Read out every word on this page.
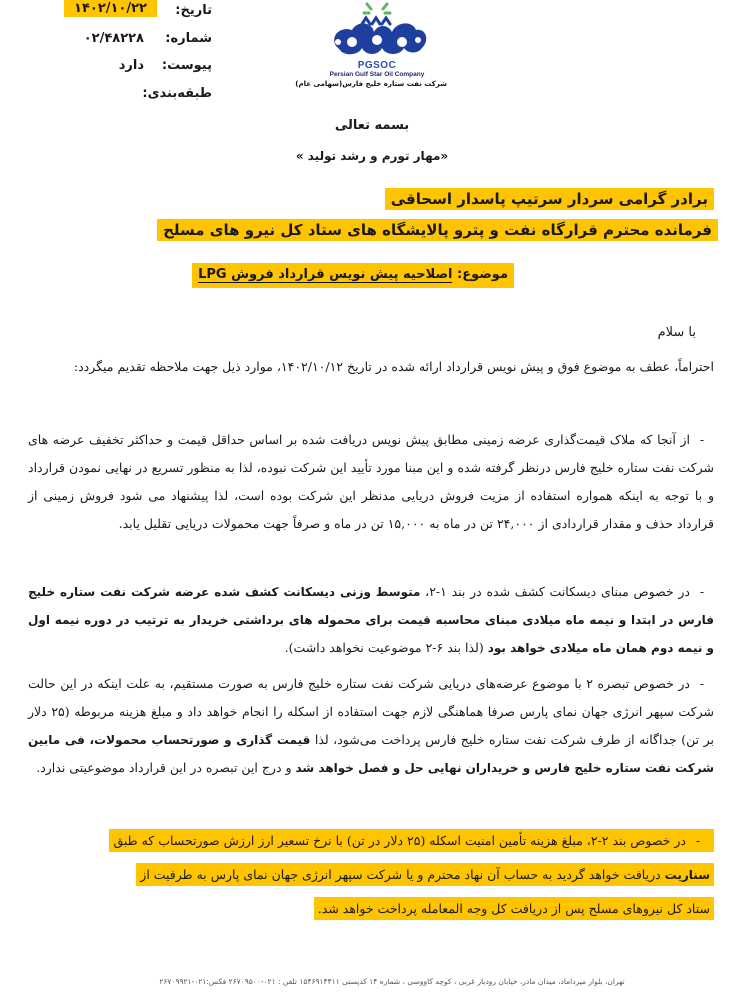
تاریخ:
۱۴۰۲/۱۰/۲۲
شماره:
۰۲/۴۸۲۲۸
پیوست:
دارد
طبقه‌بندی:
PGSOC
Persian Gulf Star Oil Company
شرکت نفت ستاره خلیج فارس(سهامی عام)
بسمه تعالی
«مهار تورم و رشد تولید »
برادر گرامی سردار سرتیپ پاسدار اسحاقی
فرمانده محترم قرارگاه نفت و پترو پالایشگاه های ستاد کل نیرو های مسلح
موضوع: اصلاحیه پیش نویس قرارداد فروش LPG
با سلام
احتراماً، عطف به موضوع فوق و پیش نویس قرارداد ارائه شده در تاریخ ۱۴۰۲/۱۰/۱۲، موارد ذیل جهت ملاحظه تقدیم میگردد:
-از آنجا که ملاک قیمت‌گذاری عرضه زمینی مطابق پیش نویس دریافت شده بر اساس حداقل قیمت و حداکثر تخفیف عرضه های شرکت نفت ستاره خلیج فارس درنظر گرفته شده و این مبنا مورد تأیید این شرکت نبوده، لذا به منظور تسریع در نهایی نمودن قرارداد و با توجه به اینکه همواره استفاده از مزیت فروش دریایی مدنظر این شرکت بوده است، لذا پیشنهاد می شود فروش زمینی از قرارداد حذف و مقدار قراردادی از ۲۴,۰۰۰ تن در ماه به ۱۵,۰۰۰ تن در ماه و صرفاً جهت محمولات دریایی تقلیل یابد.
-در خصوص مبنای دیسکانت کشف شده در بند ۱-۲، متوسط وزنی دیسکانت کشف شده عرضه شرکت نفت ستاره خلیج فارس در ابتدا و نیمه ماه میلادی مبنای محاسبه قیمت برای محموله های برداشتی خریدار به ترتیب در دوره نیمه اول و نیمه دوم همان ماه میلادی خواهد بود (لذا بند ۶-۲ موضوعیت نخواهد داشت).
-در خصوص تبصره ۲ با موضوع عرضه‌های دریایی شرکت نفت ستاره خلیج فارس به صورت مستقیم، به علت اینکه در این حالت شرکت سپهر انرژی جهان نمای پارس صرفا هماهنگی لازم جهت استفاده از اسکله را انجام خواهد داد و مبلغ هزینه مربوطه (۲۵ دلار بر تن) جداگانه از طرف شرکت نفت ستاره خلیج فارس پرداخت می‌شود، لذا قیمت گذاری و صورتحساب محمولات، فی مابین شرکت نفت ستاره خلیج فارس و خریداران نهایی حل و فصل خواهد شد و درج این تبصره در این قرارداد موضوعیتی ندارد.
-در خصوص بند ۲-۲، مبلغ هزینه تأمین امنیت اسکله (۲۵ دلار در تن) با نرخ تسعیر ارز ارزش صورتحساب که طبق
سناریت دریافت خواهد گردید به حساب آن نهاد محترم و یا شرکت سپهر انرژی جهان نمای پارس به طرفیت از
ستاد کل نیروهای مسلح پس از دریافت کل وجه المعامله پرداخت خواهد شد.
تهران، بلوار میرداماد، میدان مادر، خیابان رودبار غربی ، کوچه کاووسی ، شماره ۱۴ کدپستی ۱۵۴۶۹۱۴۴۱۱ تلفن : ۰۲۱-۲۶۷۰۹۵۰۰ فکس:۰۲۱-۲۶۷۰۹۹۲۱
